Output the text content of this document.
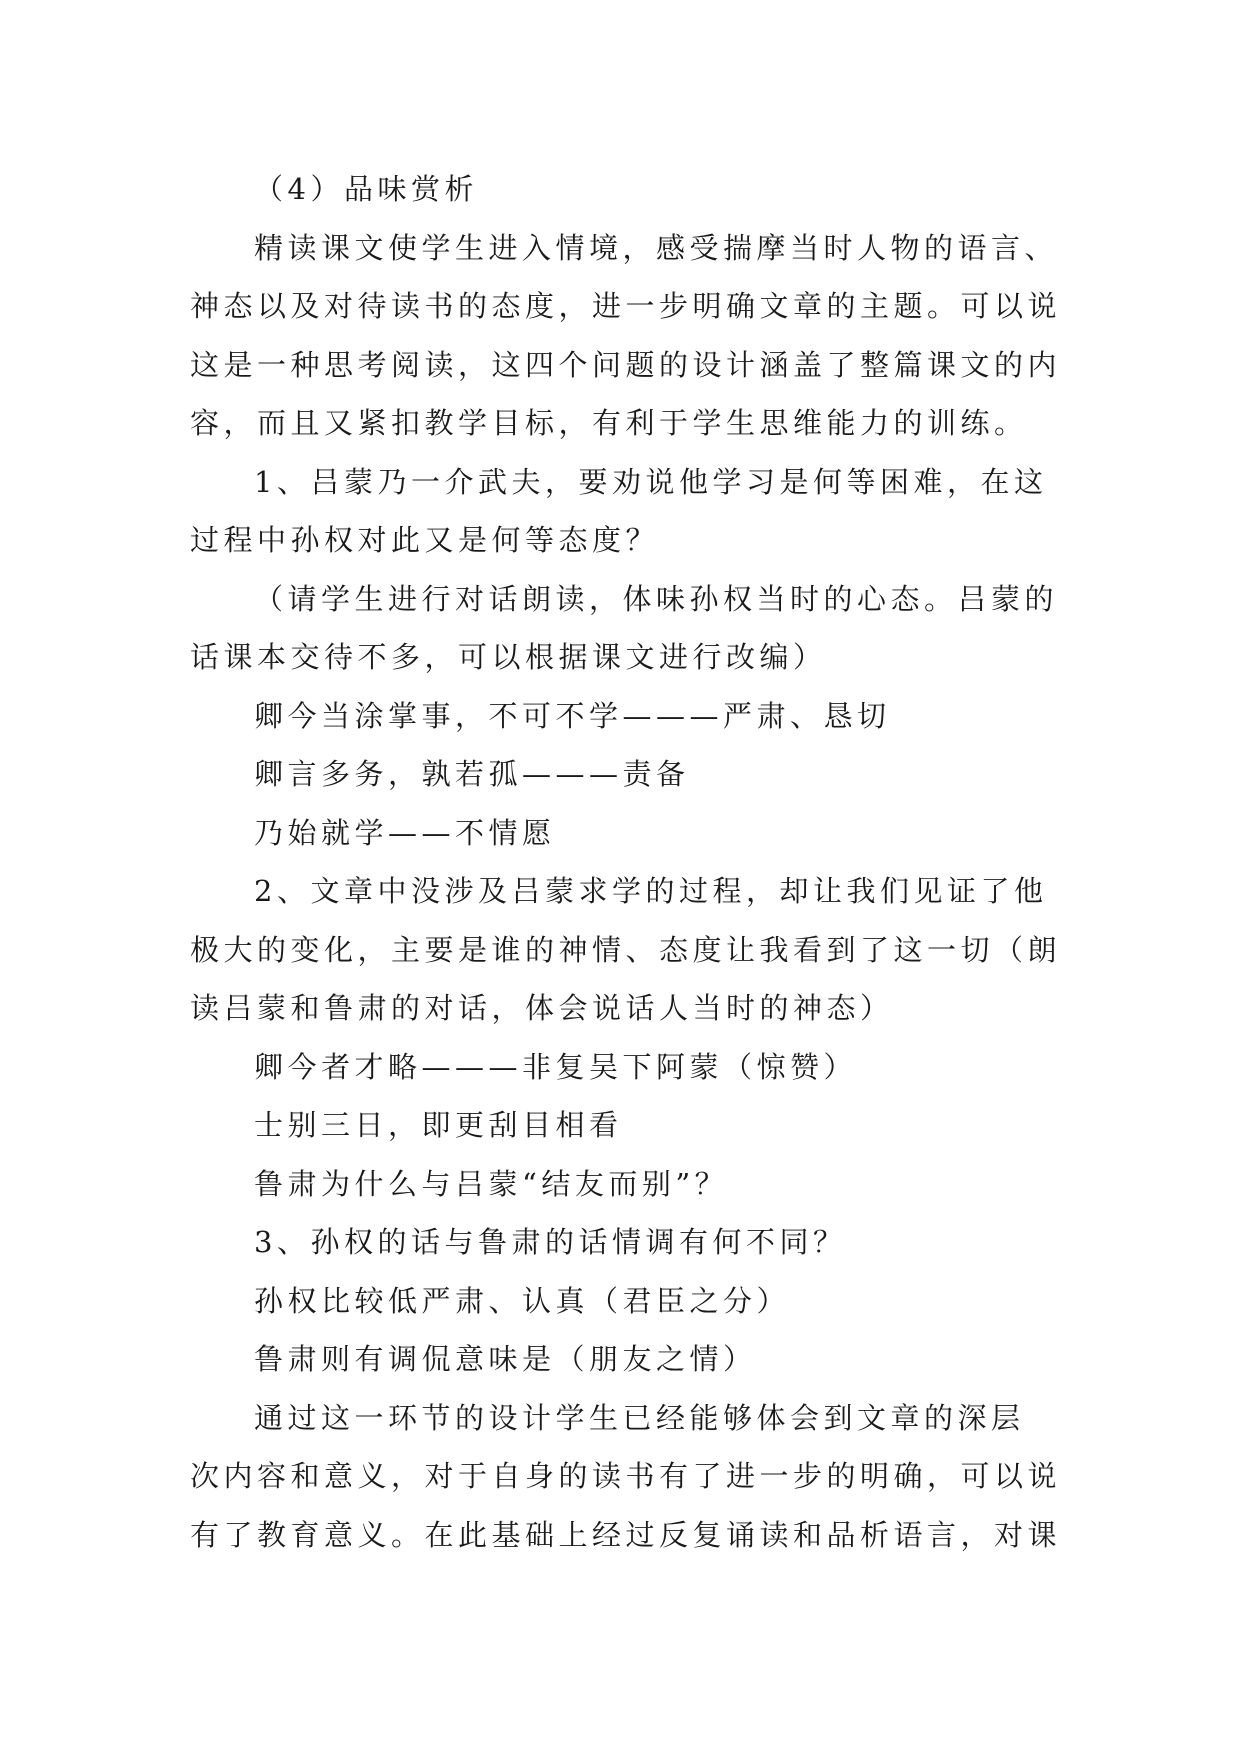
（4）品味赏析
精读课文使学生进入情境，感受揣摩当时人物的语言、
神态以及对待读书的态度，进一步明确文章的主题。可以说
这是一种思考阅读，这四个问题的设计涵盖了整篇课文的内
容，而且又紧扣教学目标，有利于学生思维能力的训练。
1、吕蒙乃一介武夫，要劝说他学习是何等困难，在这
过程中孙权对此又是何等态度？
（请学生进行对话朗读，体味孙权当时的心态。吕蒙的
话课本交待不多，可以根据课文进行改编）
卿今当涂掌事，不可不学———严肃、恳切
卿言多务，孰若孤———责备
乃始就学——不情愿
2、文章中没涉及吕蒙求学的过程，却让我们见证了他
极大的变化，主要是谁的神情、态度让我看到了这一切（朗
读吕蒙和鲁肃的对话，体会说话人当时的神态）
卿今者才略———非复吴下阿蒙（惊赞）
士别三日，即更刮目相看
鲁肃为什么与吕蒙“结友而别”？
3、孙权的话与鲁肃的话情调有何不同？
孙权比较低严肃、认真（君臣之分）
鲁肃则有调侃意味是（朋友之情）
通过这一环节的设计学生已经能够体会到文章的深层
次内容和意义，对于自身的读书有了进一步的明确，可以说
有了教育意义。在此基础上经过反复诵读和品析语言，对课
